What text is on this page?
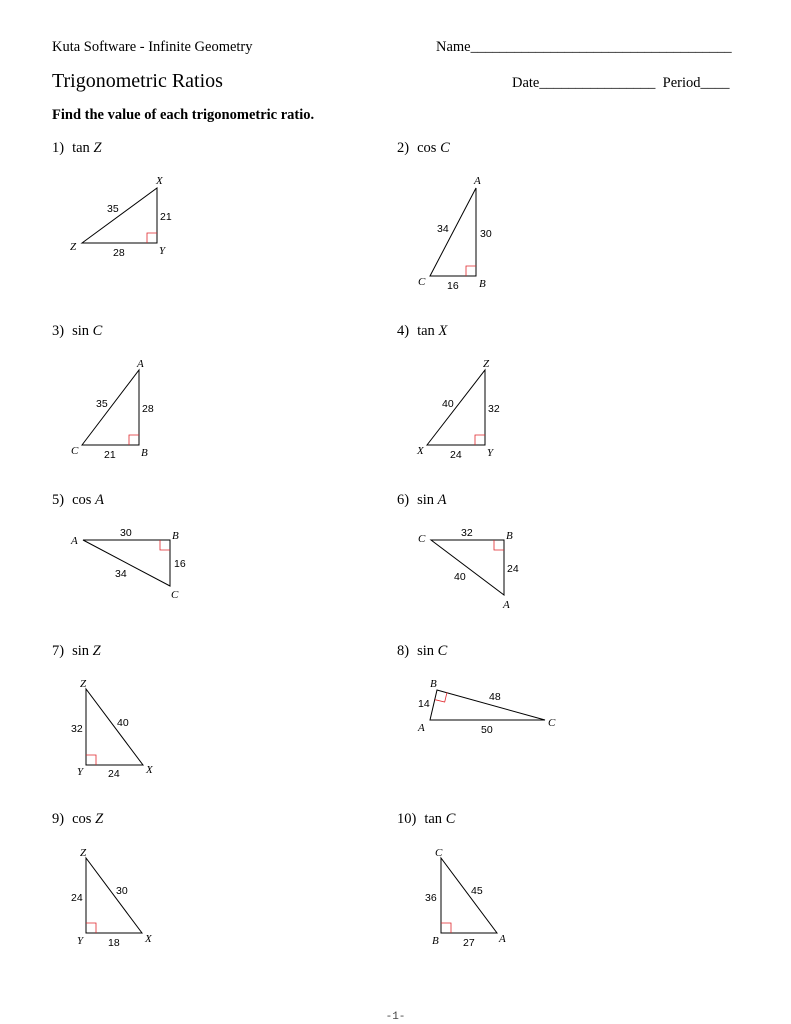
Kuta Software - Infinite Geometry	Name____________________________________
Trigonometric Ratios	Date________________ Period____
Find the value of each trigonometric ratio.
1) tan Z	2) cos C
3) sin C	4) tan X
5) cos A	6) sin A
7) sin Z	8) sin C
9) cos Z	10) tan C
X
Z	Y
35
21
28
A
C	B
34	30
16
A
C	B
35	28
21
Z
X	Y
40	32
24
A	B
C
30
16
34
C	B
A
32
24
40
Z
Y	X
32	40
24
B
A	C
14
48
50
Z
Y	X
24
30
18
C
B	A
36
45
27
-1-
